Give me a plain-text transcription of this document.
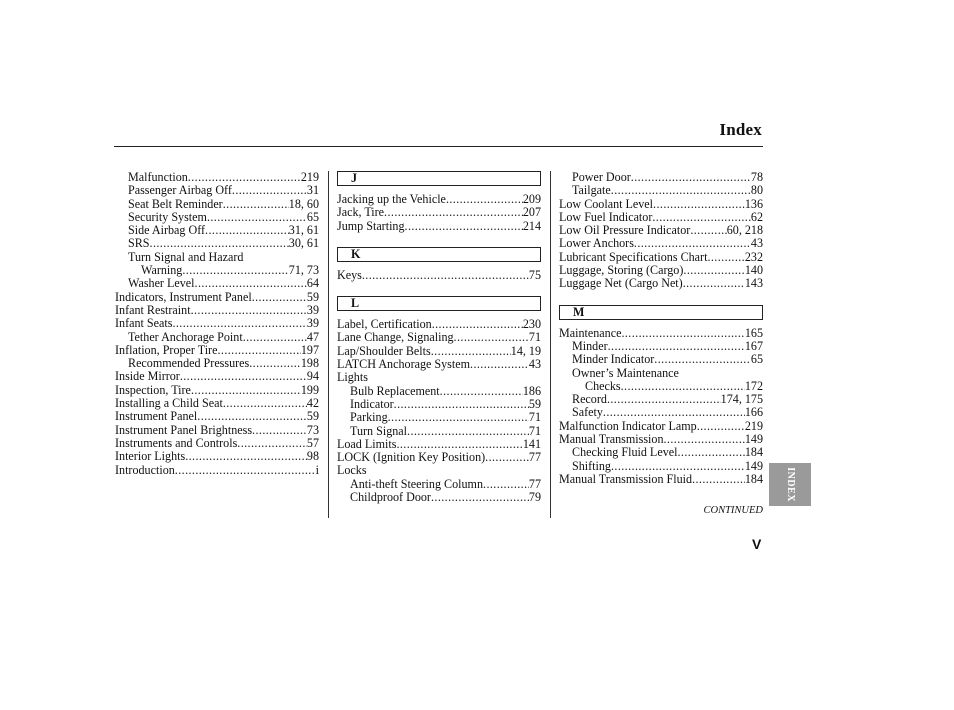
Index
Malfunction .....	219
Passenger Airbag Off .....	31
Seat Belt Reminder .....	18, 60
Security System .....	65
Side Airbag Off .....	31, 61
SRS .....	30, 61
Turn Signal and Hazard
Warning .....	71, 73
Washer Level .....	64
Indicators, Instrument Panel .....	59
Infant Restraint .....	39
Infant Seats .....	39
Tether Anchorage Point .....	47
Inflation, Proper Tire .....	197
Recommended Pressures .....	198
Inside Mirror .....	94
Inspection, Tire .....	199
Installing a Child Seat .....	42
Instrument Panel .....	59
Instrument Panel Brightness .....	73
Instruments and Controls .....	57
Interior Lights .....	98
Introduction .....	i
J
Jacking up the Vehicle .....	209
Jack, Tire .....	207
Jump Starting .....	214
K
Keys .....	75
L
Label, Certification .....	230
Lane Change, Signaling .....	71
Lap/Shoulder Belts .....	14, 19
LATCH Anchorage System .....	43
Lights
Bulb Replacement .....	186
Indicator .....	59
Parking .....	71
Turn Signal .....	71
Load Limits .....	141
LOCK (Ignition Key Position) .....	77
Locks
Anti-theft Steering Column .....	77
Childproof Door .....	79
Power Door .....	78
Tailgate .....	80
Low Coolant Level .....	136
Low Fuel Indicator .....	62
Low Oil Pressure Indicator .....	60, 218
Lower Anchors .....	43
Lubricant Specifications Chart .....	232
Luggage, Storing (Cargo) .....	140
Luggage Net (Cargo Net) .....	143
M
Maintenance .....	165
Minder .....	167
Minder Indicator .....	65
Owner’s Maintenance
Checks .....	172
Record .....	174, 175
Safety .....	166
Malfunction Indicator Lamp .....	219
Manual Transmission .....	149
Checking Fluid Level .....	184
Shifting .....	149
Manual Transmission Fluid .....	184
CONTINUED
V
INDEX
